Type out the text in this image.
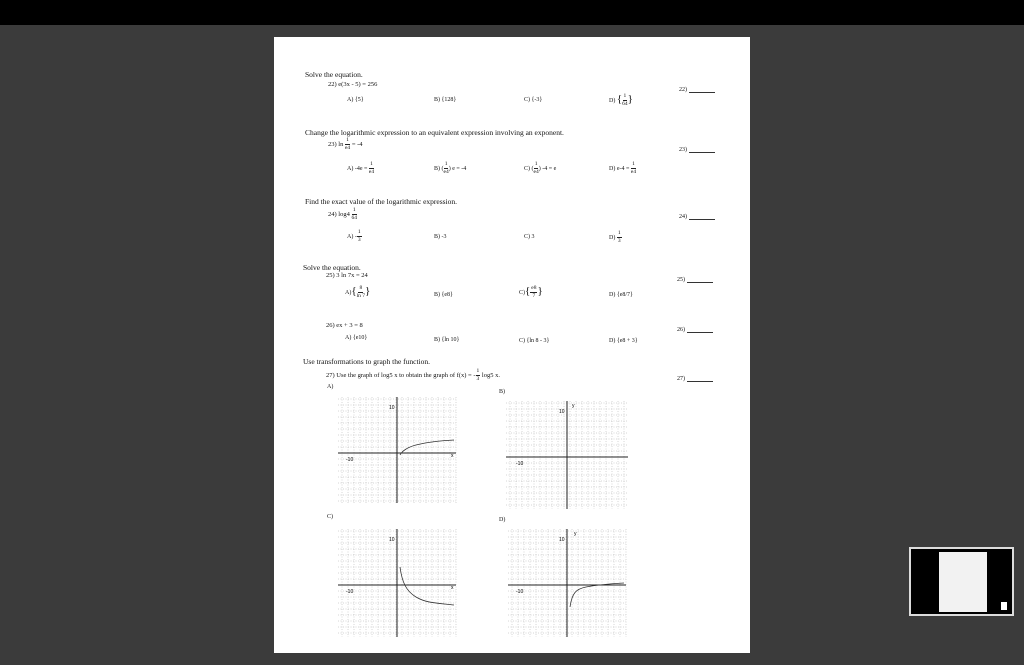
Solve the equation.
22) e(3x - 5) = 256
22)
A) {5}	B) {128}	C) {-3}	D) { $\frac{1}{64}$ }
Change the logarithmic expression to an equivalent expression involving an exponent.
23) $\ln \frac{1}{e4} = -4$
23)
A) $-4e = \frac{1}{e4}$	B) ( $\frac{1}{e4}$ ) e = -4	C) ( $\frac{1}{e4}$ ) -4 = e	D) $e-4 = \frac{1}{e4}$
Find the exact value of the logarithmic expression.
24) $\log 4 \frac{1}{64}$	24)
$A) - \frac{1}{3}$	B) -3	C) 3	$D) \frac{1}{3}$
Solve the equation.
25) 3 ln 7x = 24
25)
$A)\{ \frac{8}{\ln 7}$ }	B) {e8}	$C)\{ \frac{e8}{7}$ }	D) {e8/7}
26) ex + 3 = 8
26)
A) {e10}	B) {ln 10}	C) {ln 8 - 3}	D) {e8 + 3}
Use transformations to graph the function.
27) Use the graph of log5 x to obtain the graph of f(x) = - $\frac{1}{3} \log 5$ x.
27)
A)
B)
C)	D)
10
-10
x
10
-10
y
10
-10
x
10
-10
y
